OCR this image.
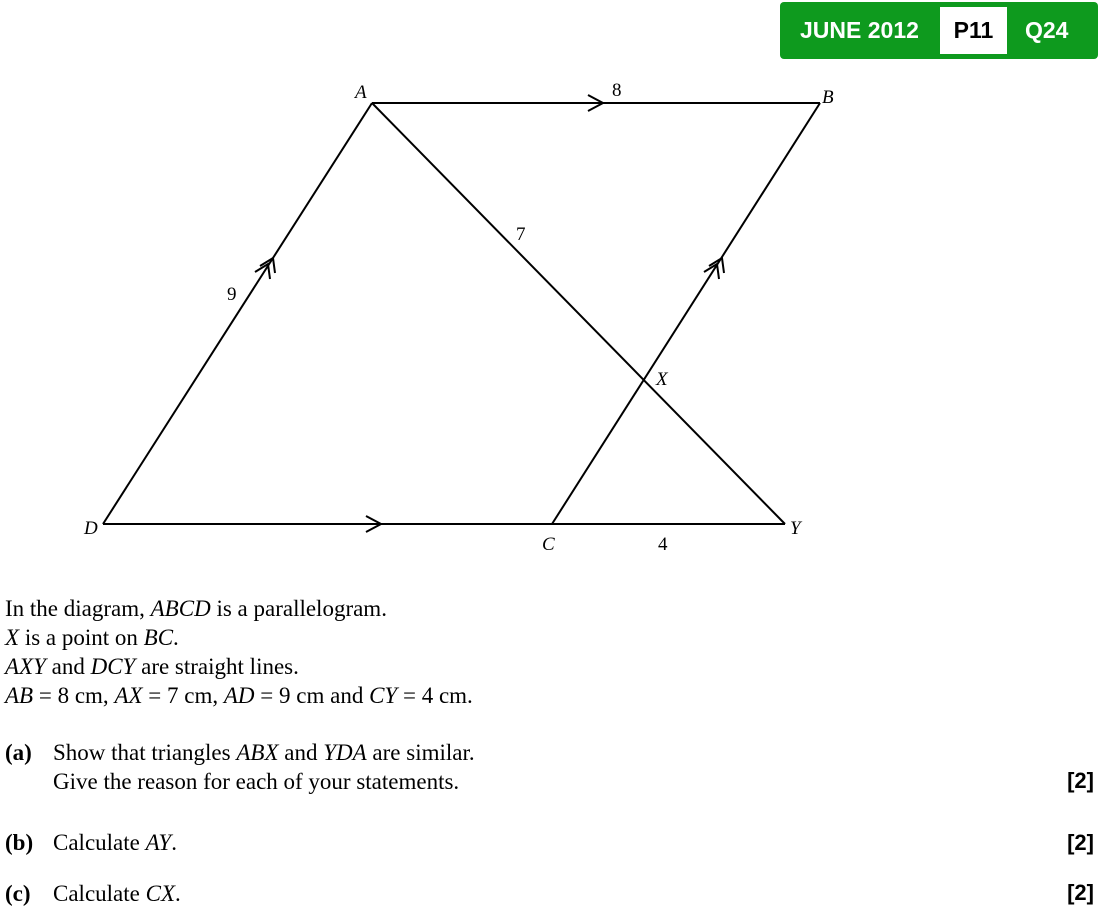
JUNE 2012	P11	Q24
A	B
D
C
Y
X
8
7
9
4
In the diagram, ABCD is a parallelogram.
X is a point on BC.
AXY and DCY are straight lines.
AB = 8 cm, AX = 7 cm, AD = 9 cm and CY = 4 cm.
(a) Show that triangles ABX and YDA are similar.
Give the reason for each of your statements.	[2]
(b) Calculate AY.	[2]
(c) Calculate CX.	[2]
